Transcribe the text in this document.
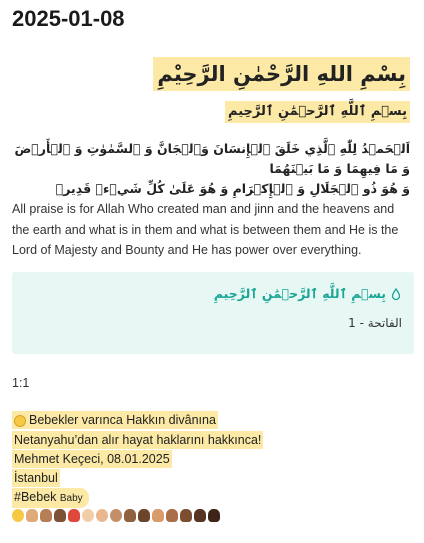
2025-01-08
بِسْمِ اللهِ الرَّحْمٰنِ الرَّحِيْمِ
بِسۡمِ ٱللَّهِ ٱلرَّحۡمَٰنِ ٱلرَّحِيمِ
اَلۡحَمۡدُ لِلّٰهِ ٱلَّذِي خَلَقَ ٱلۡإِنسَانَ وَٱلۡجَانَّ وَ ٱلسَّمٰوٰتِ وَ ٱلۡأَرۡضَ وَ مَا فِيهِمَا وَ مَا بَيۡنَهُمَا
وَ هُوَ ذُو ٱلۡجَلَالِ وَ ٱلۡإِكۡرَامِ وَ هُوَ عَلَىٰ كُلِّ شَيۡءٖ قَدِيرٞ
All praise is for Allah Who created man and jinn and the heavens and the earth and what is in them and what is between them and He is the Lord of Majesty and Bounty and He has power over everything.
بِسۡمِ ٱللَّهِ ٱلرَّحۡمَٰنِ ٱلرَّحِيمِ
الفاتحة - 1
1:1
Bebekler varınca Hakkın divânına
Netanyahu’dan alır hayat haklarını hakkınca!
Mehmet Keçeci, 08.01.2025
İstanbul
#Bebek Baby
